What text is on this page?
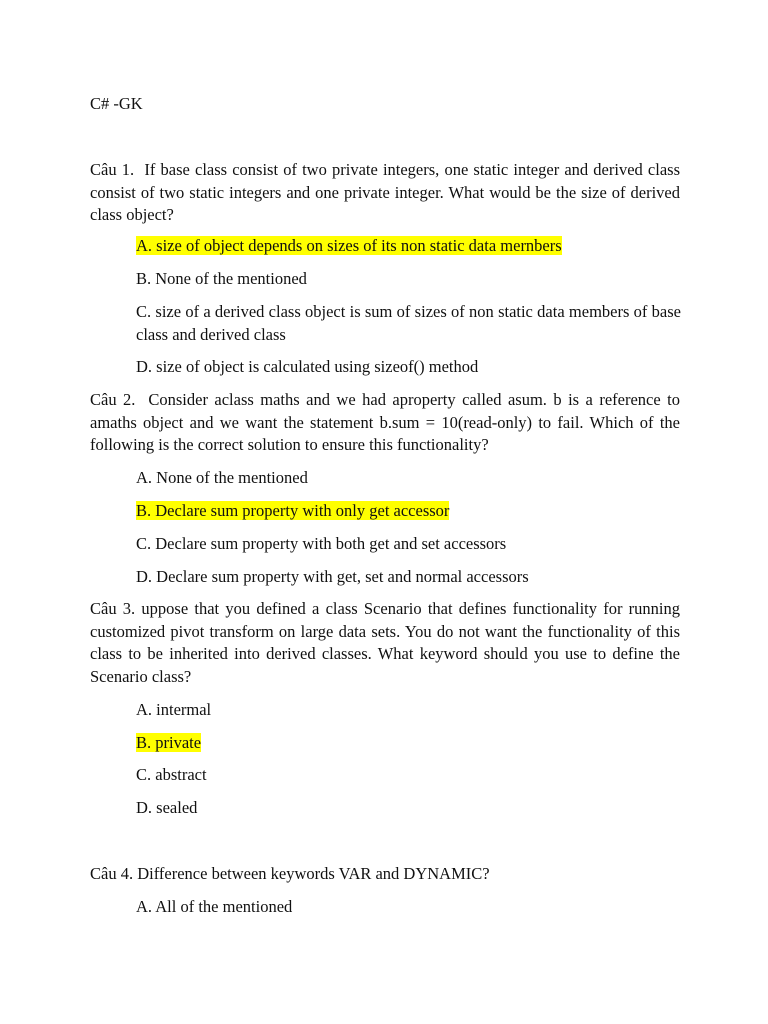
C# -GK

Câu 1. If base class consist of two private integers, one static integer and derived class consist of two static integers and one private integer. What would be the size of derived class object?

A. size of object depends on sizes of its non static data mernbers

B. None of the mentioned

C. size of a derived class object is sum of sizes of non static data members of base class and derived class

D. size of object is calculated using sizeof() method

Câu 2. Consider aclass maths and we had aproperty called asum. b is a reference to amaths object and we want the statement b.sum = 10(read-only) to fail. Which of the following is the correct solution to ensure this functionality?

A. None of the mentioned

B. Declare sum property with only get accessor

C. Declare sum property with both get and set accessors

D. Declare sum property with get, set and normal accessors

Câu 3. uppose that you defined a class Scenario that defines functionality for running customized pivot transform on large data sets. You do not want the functionality of this class to be inherited into derived classes. What keyword should you use to define the Scenario class?

A. intermal

B. private

C. abstract

D. sealed

Câu 4. Difference between keywords VAR and DYNAMIC?

A. All of the mentioned
